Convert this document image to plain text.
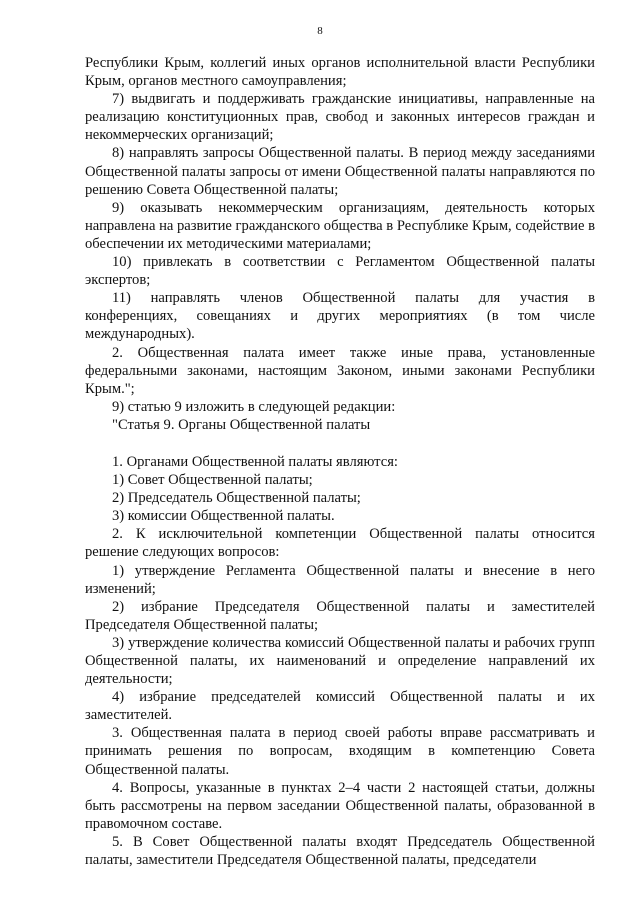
8

Республики Крым, коллегий иных органов исполнительной власти Республики Крым, органов местного самоуправления;

7) выдвигать и поддерживать гражданские инициативы, направленные на реализацию конституционных прав, свобод и законных интересов граждан и некоммерческих организаций;

8) направлять запросы Общественной палаты. В период между заседаниями Общественной палаты запросы от имени Общественной палаты направляются по решению Совета Общественной палаты;

9) оказывать некоммерческим организациям, деятельность которых направлена на развитие гражданского общества в Республике Крым, содействие в обеспечении их методическими материалами;

10) привлекать в соответствии с Регламентом Общественной палаты экспертов;

11) направлять членов Общественной палаты для участия в конференциях, совещаниях и других мероприятиях (в том числе международных).

2. Общественная палата имеет также иные права, установленные федеральными законами, настоящим Законом, иными законами Республики Крым.";

9) статью 9 изложить в следующей редакции:

"Статья 9. Органы Общественной палаты

1. Органами Общественной палаты являются:

1) Совет Общественной палаты;

2) Председатель Общественной палаты;

3) комиссии Общественной палаты.

2. К исключительной компетенции Общественной палаты относится решение следующих вопросов:

1) утверждение Регламента Общественной палаты и внесение в него изменений;

2) избрание Председателя Общественной палаты и заместителей Председателя Общественной палаты;

3) утверждение количества комиссий Общественной палаты и рабочих групп Общественной палаты, их наименований и определение направлений их деятельности;

4) избрание председателей комиссий Общественной палаты и их заместителей.

3. Общественная палата в период своей работы вправе рассматривать и принимать решения по вопросам, входящим в компетенцию Совета Общественной палаты.

4. Вопросы, указанные в пунктах 2–4 части 2 настоящей статьи, должны быть рассмотрены на первом заседании Общественной палаты, образованной в правомочном составе.

5. В Совет Общественной палаты входят Председатель Общественной палаты, заместители Председателя Общественной палаты, председатели
